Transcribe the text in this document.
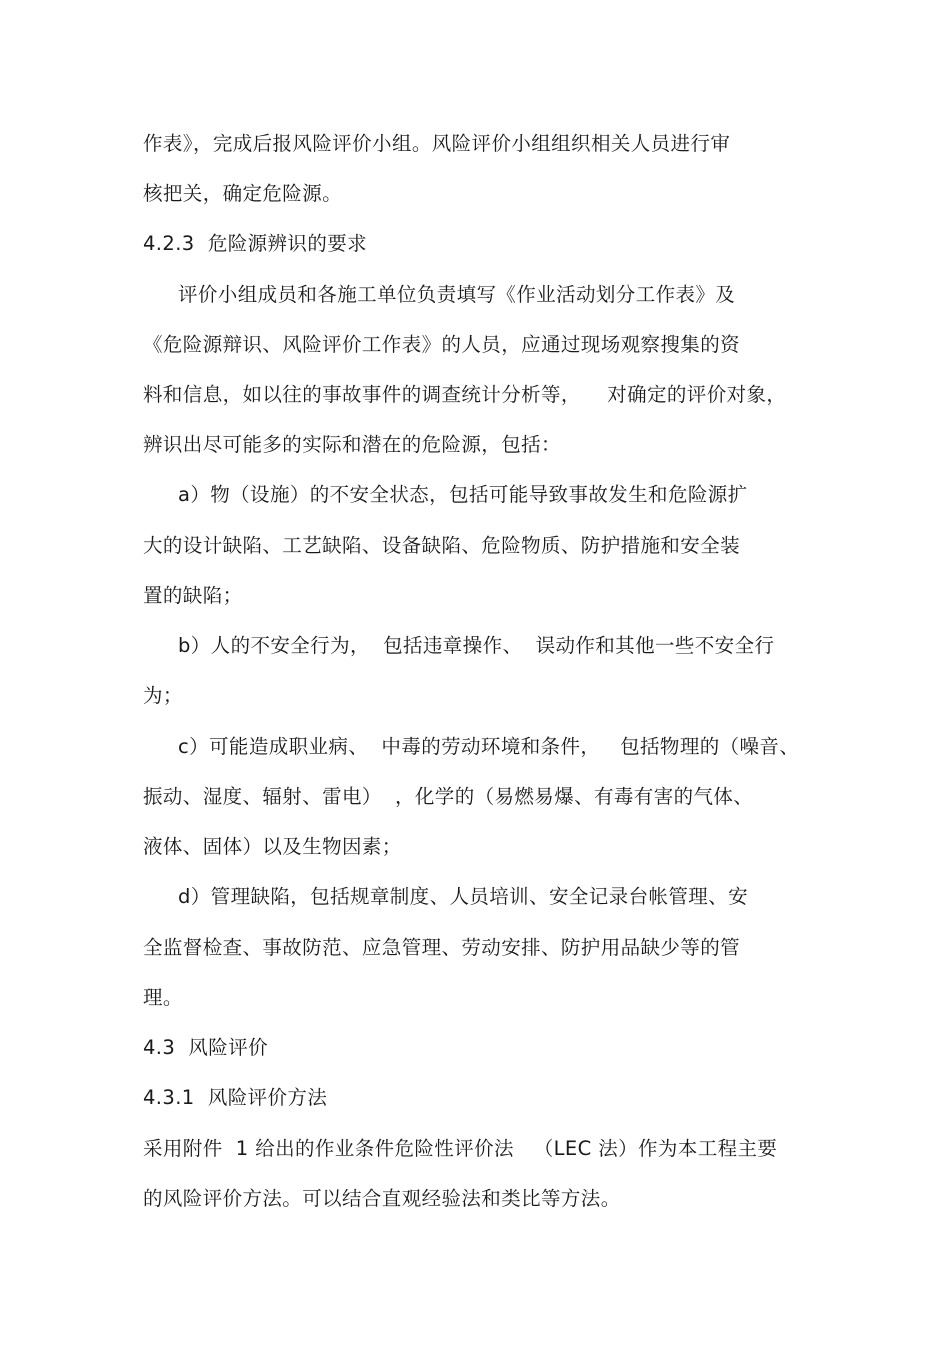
作表》，完成后报风险评价小组。风险评价小组组织相关人员进行审
核把关，确定危险源。
4.2.3  危险源辨识的要求
评价小组成员和各施工单位负责填写《作业活动划分工作表》及
《危险源辩识、风险评价工作表》的人员，应通过现场观察搜集的资
料和信息，如以往的事故事件的调查统计分析等，    对确定的评价对象，
辨识出尽可能多的实际和潜在的危险源，包括：
a）物（设施）的不安全状态，包括可能导致事故发生和危险源扩
大的设计缺陷、工艺缺陷、设备缺陷、危险物质、防护措施和安全装
置的缺陷；
b）人的不安全行为，  包括违章操作、  误动作和其他一些不安全行
为；
c）可能造成职业病、  中毒的劳动环境和条件，   包括物理的（噪音、
振动、湿度、辐射、雷电）  ，化学的（易燃易爆、有毒有害的气体、
液体、固体）以及生物因素；
d）管理缺陷，包括规章制度、人员培训、安全记录台帐管理、安
全监督检查、事故防范、应急管理、劳动安排、防护用品缺少等的管
理。
4.3  风险评价
4.3.1  风险评价方法
采用附件  1 给出的作业条件危险性评价法   （LEC 法）作为本工程主要
的风险评价方法。可以结合直观经验法和类比等方法。
